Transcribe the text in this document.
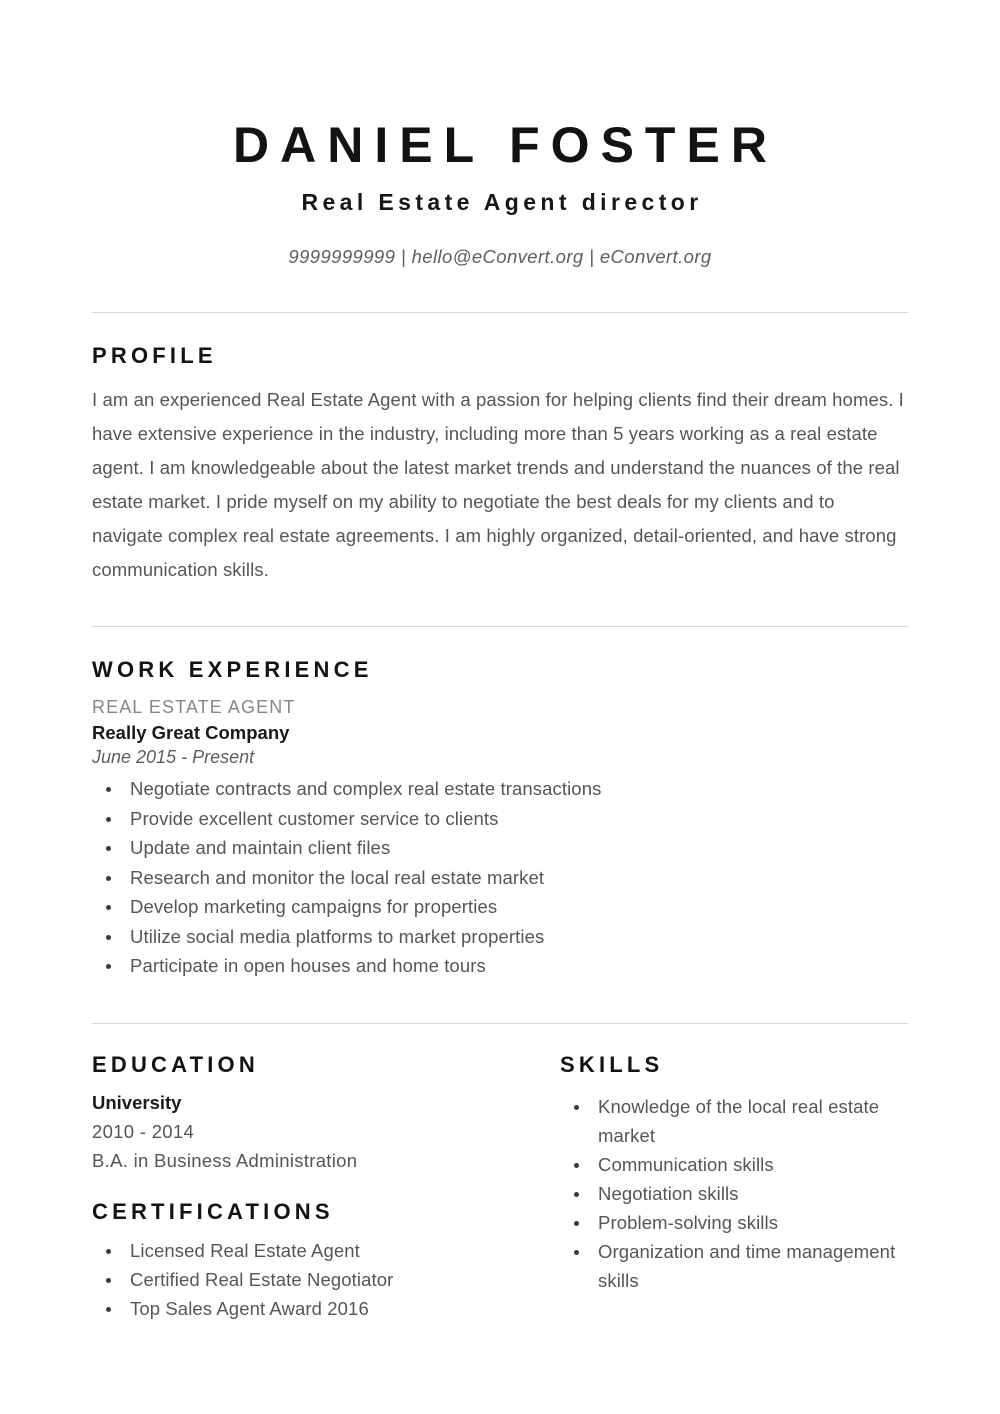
DANIEL FOSTER
Real Estate Agent director
9999999999 | hello@eConvert.org | eConvert.org
PROFILE

I am an experienced Real Estate Agent with a passion for helping clients find their dream homes. I have extensive experience in the industry, including more than 5 years working as a real estate agent. I am knowledgeable about the latest market trends and understand the nuances of the real estate market. I pride myself on my ability to negotiate the best deals for my clients and to navigate complex real estate agreements. I am highly organized, detail-oriented, and have strong communication skills.

WORK EXPERIENCE
REAL ESTATE AGENT
Really Great Company
June 2015 - Present
Negotiate contracts and complex real estate transactions
Provide excellent customer service to clients
Update and maintain client files
Research and monitor the local real estate market
Develop marketing campaigns for properties
Utilize social media platforms to market properties
Participate in open houses and home tours
EDUCATION
University
2010 - 2014
B.A. in Business Administration
CERTIFICATIONS
Licensed Real Estate Agent
Certified Real Estate Negotiator
Top Sales Agent Award 2016
SKILLS
Knowledge of the local real estate market
Communication skills
Negotiation skills
Problem-solving skills
Organization and time management skills
